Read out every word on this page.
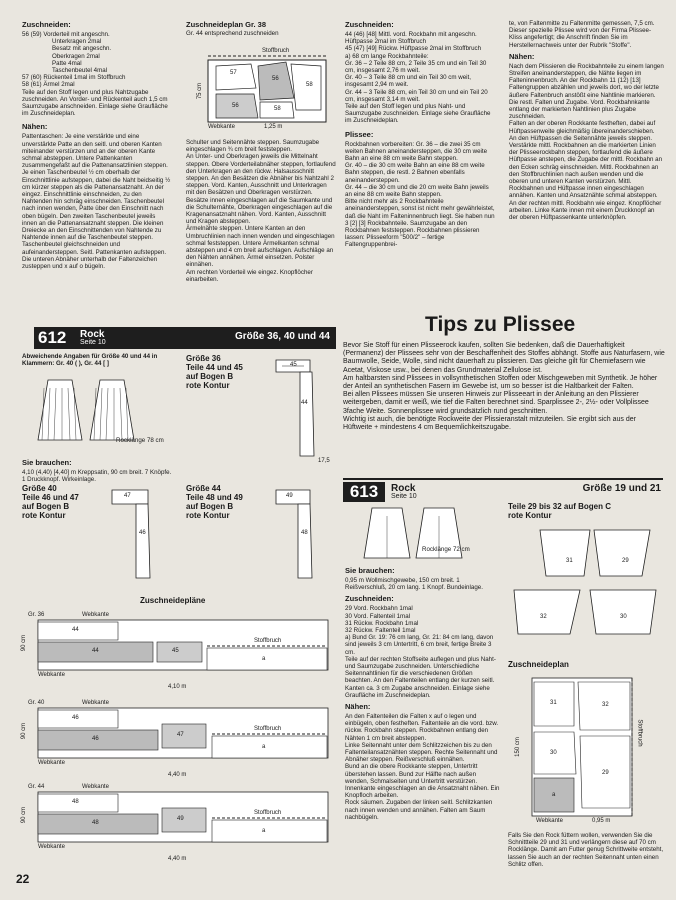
Zuschneiden:
56 (59) Vorderteil mit angeschn.
Unterkragen 2mal
Besatz mit angeschn.
Oberkragen 2mal
Patte 4mal
Taschenbeutel 4mal
57 (60) Rückenteil 1mal im Stoffbruch
58 (61) Ärmel 2mal
Teile auf den Stoff legen und plus Nahtzugabe zuschneiden. An Vorder- und Rückenteil auch 1,5 cm Saumzugabe anschneiden. Einlage siehe Graufläche im Zuschneideplan.
Nähen:
Pattentaschen: Je eine verstärkte und eine unverstärkte Patte an den seitl. und oberen Kanten miteinander verstürzen und an der oberen Kante schmal absteppen. Untere Pattenkanten zusammengefaßt auf die Pattenansatzlinien steppen. Je einen Taschenbeutel ½ cm oberhalb der Einschnittlinie aufsteppen, dabei die Naht beidseitig ½ cm kürzer steppen als die Pattenansatznaht. An der eingez. Einschnittlinie einschneiden, zu den Nahtenden hin schräg einschneiden. Taschenbeutel nach innen wenden, Patte über den Einschnitt nach oben bügeln. Den zweiten Taschenbeutel jeweils innen an die Pattenansatznaht steppen. Die kleinen Dreiecke an den Einschnittenden von Nahtende zu Nahtende innen auf die Taschenbeutel steppen. Taschenbeutel gleichschneiden und aufeinandersteppen. Seitl. Pattenkanten aufsteppen.
Die unteren Abnäher unterhalb der Faltenzeichen zusteppen und x auf o bügeln.
Zuschneideplan Gr. 38
Gr. 44 entsprechend zuschneiden
Stoffbruch
57
56
58
56	58
75 cm
Webkante	1,25 m
Schulter und Seitennähte steppen. Saumzugabe eingeschlagen ¾ cm breit feststeppen.
An Unter- und Oberkragen jeweils die Mittelnaht steppen. Obere Vorderteilabnäher steppen, fortlaufend den Unterkragen an den rückw. Halsausschnitt steppen. An den Besätzen die Abnäher bis Nahtzahl 2 steppen. Vord. Kanten, Ausschnitt und Unterkragen mit den Besätzen und Oberkragen verstürzen. Besätze innen eingeschlagen auf die Saumkante und die Schulternähte, Oberkragen eingeschlagen auf die Kragenansatznaht nähen. Vord. Kanten, Ausschnitt und Kragen absteppen.
Ärmelnähte steppen. Untere Kanten an den Umbruchlinien nach innen wenden und eingeschlagen schmal feststeppen. Untere Ärmelkanten schmal absteppen und 4 cm breit aufschlagen. Aufschläge an den Nähten annähen. Ärmel einsetzen. Polster einnähen.
Am rechten Vorderteil wie eingez. Knopflöcher einarbeiten.
Zuschneiden:
44 (46) [48] Mittl. vord. Rockbahn mit angeschn. Hüftpasse 2mal im Stoffbruch
45 (47) [49] Rückw. Hüftpasse 2mal im Stoffbruch
a) 68 cm lange Rockbahnteile:
Gr. 36 – 2 Teile 88 cm, 2 Teile 35 cm und ein Teil 30 cm, insgesamt 2,76 m weit.
Gr. 40 – 3 Teile 88 cm und ein Teil 30 cm weit, insgesamt 2,94 m weit.
Gr. 44 – 3 Teile 88 cm, ein Teil 30 cm und ein Teil 20 cm, insgesamt 3,14 m weit.
Teile auf den Stoff legen und plus Naht- und Saumzugabe zuschneiden. Einlage siehe Graufläche im Zuschneideplan.
Plissee:
Rockbahnen vorbereiten: Gr. 36 – die zwei 35 cm weiten Bahnen aneinandersteppen, die 30 cm weite Bahn an eine 88 cm weite Bahn steppen.
Gr. 40 – die 30 cm weite Bahn an eine 88 cm weite Bahn steppen, die restl. 2 Bahnen ebenfalls aneinandersteppen.
Gr. 44 – die 30 cm und die 20 cm weite Bahn jeweils an eine 88 cm weite Bahn steppen.
Bitte nicht mehr als 2 Rockbahnteile aneinandersteppen, sonst ist nicht mehr gewährleistet, daß die Naht im Falteninnenbruch liegt. Sie haben nun 3 [2] [3] Rockbahnteile. Saumzugabe an den Rockbahnen feststeppen. Rockbahnen plissieren lassen: Plisseeform "500/2" – fertige Faltengruppenbrei-
te, von Faltenmitte zu Faltenmitte gemessen, 7,5 cm. Dieser spezielle Plissee wird von der Firma Plissee-Kliss angefertigt; die Anschrift finden Sie im Herstellernachweis unter der Rubrik "Stoffe".
Nähen:
Nach dem Plissieren die Rockbahnteile zu einem langen Streifen aneinandersteppen, die Nähte liegen im Falteninnenbruch. An der Rockbahn 11 (12) [13] Faltengruppen abzählen und jeweils dort, wo der letzte äußere Faltenbruch anstößt eine Nahtlinie markieren. Die restl. Falten und Zugabe. Vord. Rockbahnkante entlang der markierten Nahtlinien plus Zugabe zuschneiden.
Falten an der oberen Rockkante festheften, dabei auf Hüftpassenweite gleichmäßig übereinanderschieben.
An den Hüftpassen die Seitennähte jeweils steppen. Verstärkte mittl. Rockbahnen an die markierten Linien der Plisseerockbahn steppen, fortlaufend die äußere Hüftpasse anstepen, die Zugabe der mittl. Rockbahn an den Ecken schräg einschneiden. Mittl. Rockbahnen an den Stoffbruchlinien nach außen wenden und die oberen und unteren Kanten verstürzen. Mittl. Rockbahnen und Hüftpasse innen eingeschlagen annähen. Kanten und Ansatznähte schmal absteppen. An der rechten mittl. Rockbahn wie eingez. Knopflöcher arbeiten. Linke Kante innen mit einem Druckknopf an der oberen Hüftpassenkante unterknöpfen.
612 Rock
Seite 10
Größe 36, 40 und 44
Abweichende Angaben für Größe 40 und 44 in Klammern: Gr. 40 ( ), Gr. 44 [ ]
Rocklänge 78 cm
Größe 36
Teile 44 und 45
auf Bogen B
rote Kontur
45
44
17,5
Sie brauchen:
4,10 (4,40) [4,40] m Kreppsatin, 90 cm breit. 7 Knöpfe. 1 Druckknopf. Wirkeinlage.
Größe 40
Teile 46 und 47
auf Bogen B
rote Kontur
47
46
Größe 44
Teile 48 und 49
auf Bogen B
rote Kontur
49
48
Zuschneidepläne
Gr. 36	Webkante
44
44	45
a
Stoffbruch
90 cm
Webkante
4,10 m
Gr. 40	Webkante
46
46
47
a
Stoffbruch
90 cm
Webkante
4,40 m
Gr. 44	Webkante
48
48
49
a
Stoffbruch
90 cm
Webkante
4,40 m
Tips zu Plissee
Bevor Sie Stoff für einen Plisseerock kaufen, sollten Sie bedenken, daß die Dauerhaftigkeit (Permanenz) der Plissees sehr von der Beschaffenheit des Stoffes abhängt. Stoffe aus Naturfasern, wie Baumwolle, Seide, Wolle, sind nicht dauerhaft zu plissieren. Das gleiche gilt für Chemiefasern wie Acetat, Viskose usw., bei denen das Grundmaterial Zellulose ist.
Am haltbarsten sind Plissees in vollsynthetischen Stoffen oder Mischgeweben mit Synthetik. Je höher der Anteil an synthetischen Fasern im Gewebe ist, um so besser ist die Haltbarkeit der Falten.
Bei allen Plissees müssen Sie unseren Hinweis zur Plisseeart in der Anleitung an den Plissierer weitergeben, damit er weiß, wie tief die Falten berechnet sind. Sparplissee 2-, 2½- oder Vollplissee 3fache Weite. Sonnenplissee wird grundsätzlich rund geschnitten.
Wichtig ist auch, die benötigte Rockweite der Plissieranstalt mitzuteilen. Sie ergibt sich aus der Hüftweite + mindestens 4 cm Bequemlichkeitszugabe.
613	Rock
Seite 10
Größe 19 und 21
Rocklänge 72 cm
Teile 29 bis 32 auf Bogen C
rote Kontur
31	29
32	30
Sie brauchen:
0,95 m Wollmischgewebe, 150 cm breit. 1 Reißverschluß, 20 cm lang. 1 Knopf. Bundeinlage.
Zuschneiden:
29 Vord. Rockbahn 1mal
30 Vord. Faltenteil 1mal
31 Rückw. Rockbahn 1mal
32 Rückw. Faltenteil 1mal
a) Bund Gr. 19: 76 cm lang, Gr. 21: 84 cm lang, davon sind jeweils 3 cm Untertritt, 6 cm breit, fertige Breite 3 cm.
Teile auf der rechten Stoffseite auflegen und plus Naht- und Saumzugabe zuschneiden. Unterschiedliche Seitennahtlinien für die verschiedenen Größen beachten. An den Faltenteilen entlang der kurzen seitl. Kanten ca. 3 cm Zugabe anschneiden. Einlage siehe Graufläche im Zuschneideplan.
Nähen:
An den Faltenteilen die Falten x auf o legen und einbügeln, oben festheften. Faltenteile an die vord. bzw. rückw. Rockbahn steppen. Rockbahnen entlang den Nähten 1 cm breit absteppen.
Linke Seitennaht unter dem Schlitzzeichen bis zu den Faltenteilansatznähten steppen. Rechte Seitennaht und Abnäher steppen. Reißverschluß einnähen.
Bund an die obere Rockkante steppen, Untertritt überstehen lassen. Bund zur Hälfte nach außen wenden, Schmalseiten und Untertritt verstürzen. Innenkante eingeschlagen an die Ansatznaht nähen. Ein Knopfloch arbeiten.
Rock säumen. Zugaben der linken seitl. Schlitzkanten nach innen wenden und annähen. Falten am Saum nachbügeln.
Zuschneideplan
Stoffbruch
31	32
30
29
a
150 cm
Webkante	0,95 m
Falls Sie den Rock füttern wollen, verwenden Sie die Schnittteile 29 und 31 und verlängern diese auf 70 cm Rocklänge. Damit am Futter genug Schrittweite entsteht, lassen Sie auch an der rechten Seitennaht unten einen Schlitz offen.
22
